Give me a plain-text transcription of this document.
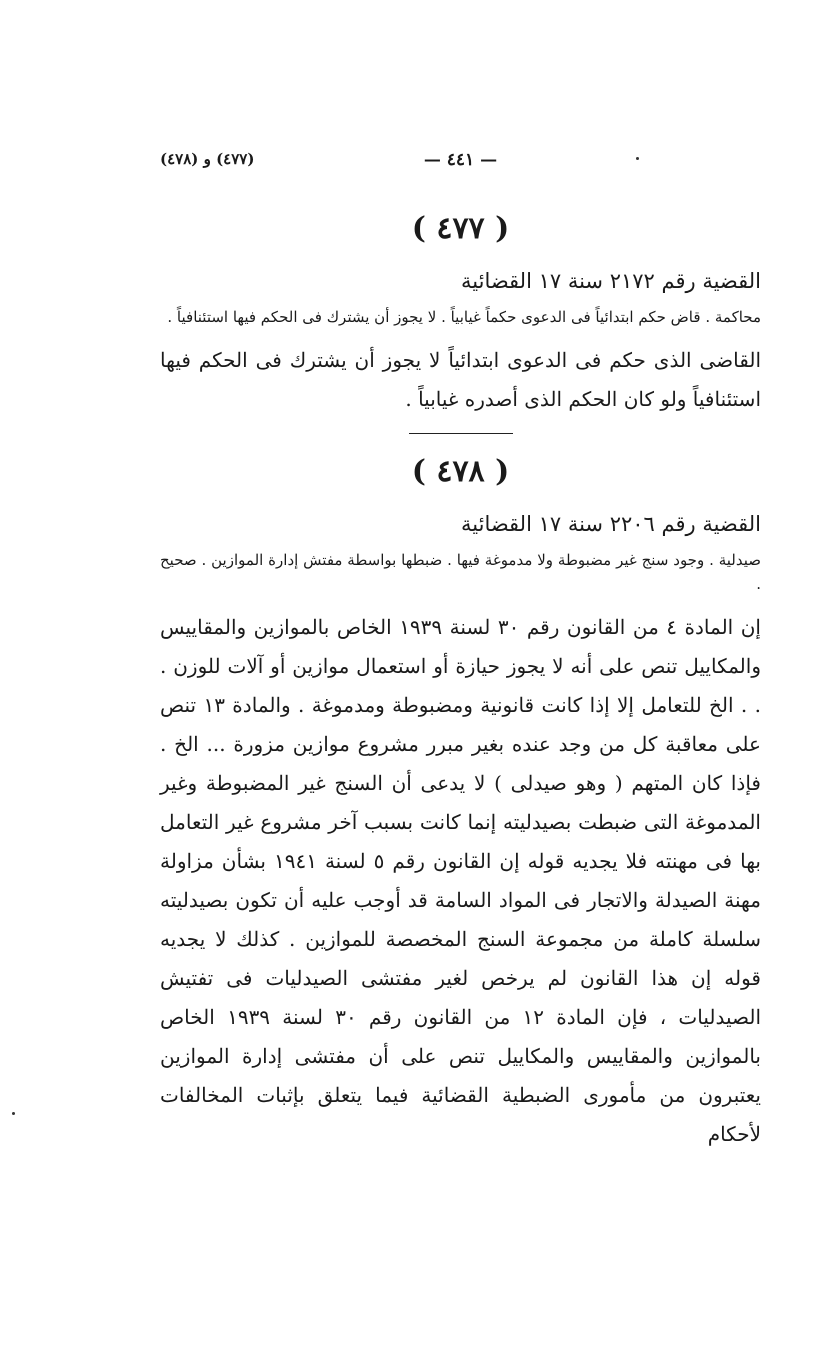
(٤٧٧) و (٤٧٨)	— ٤٤١ —
( ٤٧٧ )
القضية رقم ٢١٧٢ سنة ١٧ القضائية

محاكمة . قاض حكم ابتدائياً فى الدعوى حكماً غيابياً . لا يجوز أن يشترك فى الحكم فيها استئنافياً .

القاضى الذى حكم فى الدعوى ابتدائياً لا يجوز أن يشترك فى الحكم فيها استئنافياً ولو كان الحكم الذى أصدره غيابياً .

( ٤٧٨ )
القضية رقم ٢٢٠٦ سنة ١٧ القضائية

صيدلية . وجود سنج غير مضبوطة ولا مدموغة فيها . ضبطها بواسطة مفتش إدارة الموازين . صحيح .

إن المادة ٤ من القانون رقم ٣٠ لسنة ١٩٣٩ الخاص بالموازين والمقاييس والمكاييل تنص على أنه لا يجوز حيازة أو استعمال موازين أو آلات للوزن . . . الخ للتعامل إلا إذا كانت قانونية ومضبوطة ومدموغة . والمادة ١٣ تنص على معاقبة كل من وجد عنده بغير مبرر مشروع موازين مزورة ... الخ . فإذا كان المتهم ( وهو صيدلى ) لا يدعى أن السنج غير المضبوطة وغير المدموغة التى ضبطت بصيدليته إنما كانت بسبب آخر مشروع غير التعامل بها فى مهنته فلا يجديه قوله إن القانون رقم ٥ لسنة ١٩٤١ بشأن مزاولة مهنة الصيدلة والاتجار فى المواد السامة قد أوجب عليه أن تكون بصيدليته سلسلة كاملة من مجموعة السنج المخصصة للموازين . كذلك لا يجديه قوله إن هذا القانون لم يرخص لغير مفتشى الصيدليات فى تفتيش الصيدليات ، فإن المادة ١٢ من القانون رقم ٣٠ لسنة ١٩٣٩ الخاص بالموازين والمقاييس والمكاييل تنص على أن مفتشى إدارة الموازين يعتبرون من مأمورى الضبطية القضائية فيما يتعلق بإثبات المخالفات لأحكام
